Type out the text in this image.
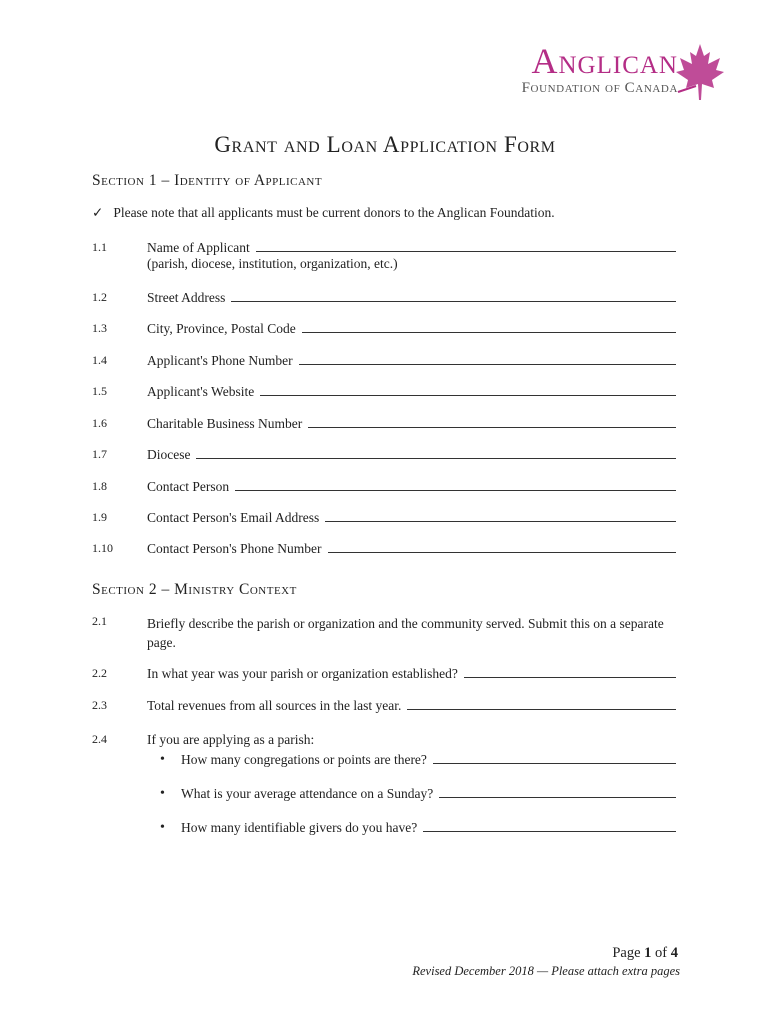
Anglican
Foundation of Canada
Grant and Loan Application Form
Section 1 – Identity of Applicant
✓ Please note that all applicants must be current donors to the Anglican Foundation.
1.1	Name of Applicant
(parish, diocese, institution, organization, etc.)
1.2	Street Address
1.3	City, Province, Postal Code
1.4	Applicant's Phone Number
1.5	Applicant's Website
1.6	Charitable Business Number
1.7	Diocese
1.8	Contact Person
1.9	Contact Person's Email Address
1.10	Contact Person's Phone Number
Section 2 – Ministry Context
2.1	Briefly describe the parish or organization and the community served. Submit this on a separate page.
2.2	In what year was your parish or organization established?
2.3	Total revenues from all sources in the last year.
2.4	If you are applying as a parish:
•	How many congregations or points are there?
•	What is your average attendance on a Sunday?
•	How many identifiable givers do you have?
Page 1 of 4
Revised December 2018 — Please attach extra pages
